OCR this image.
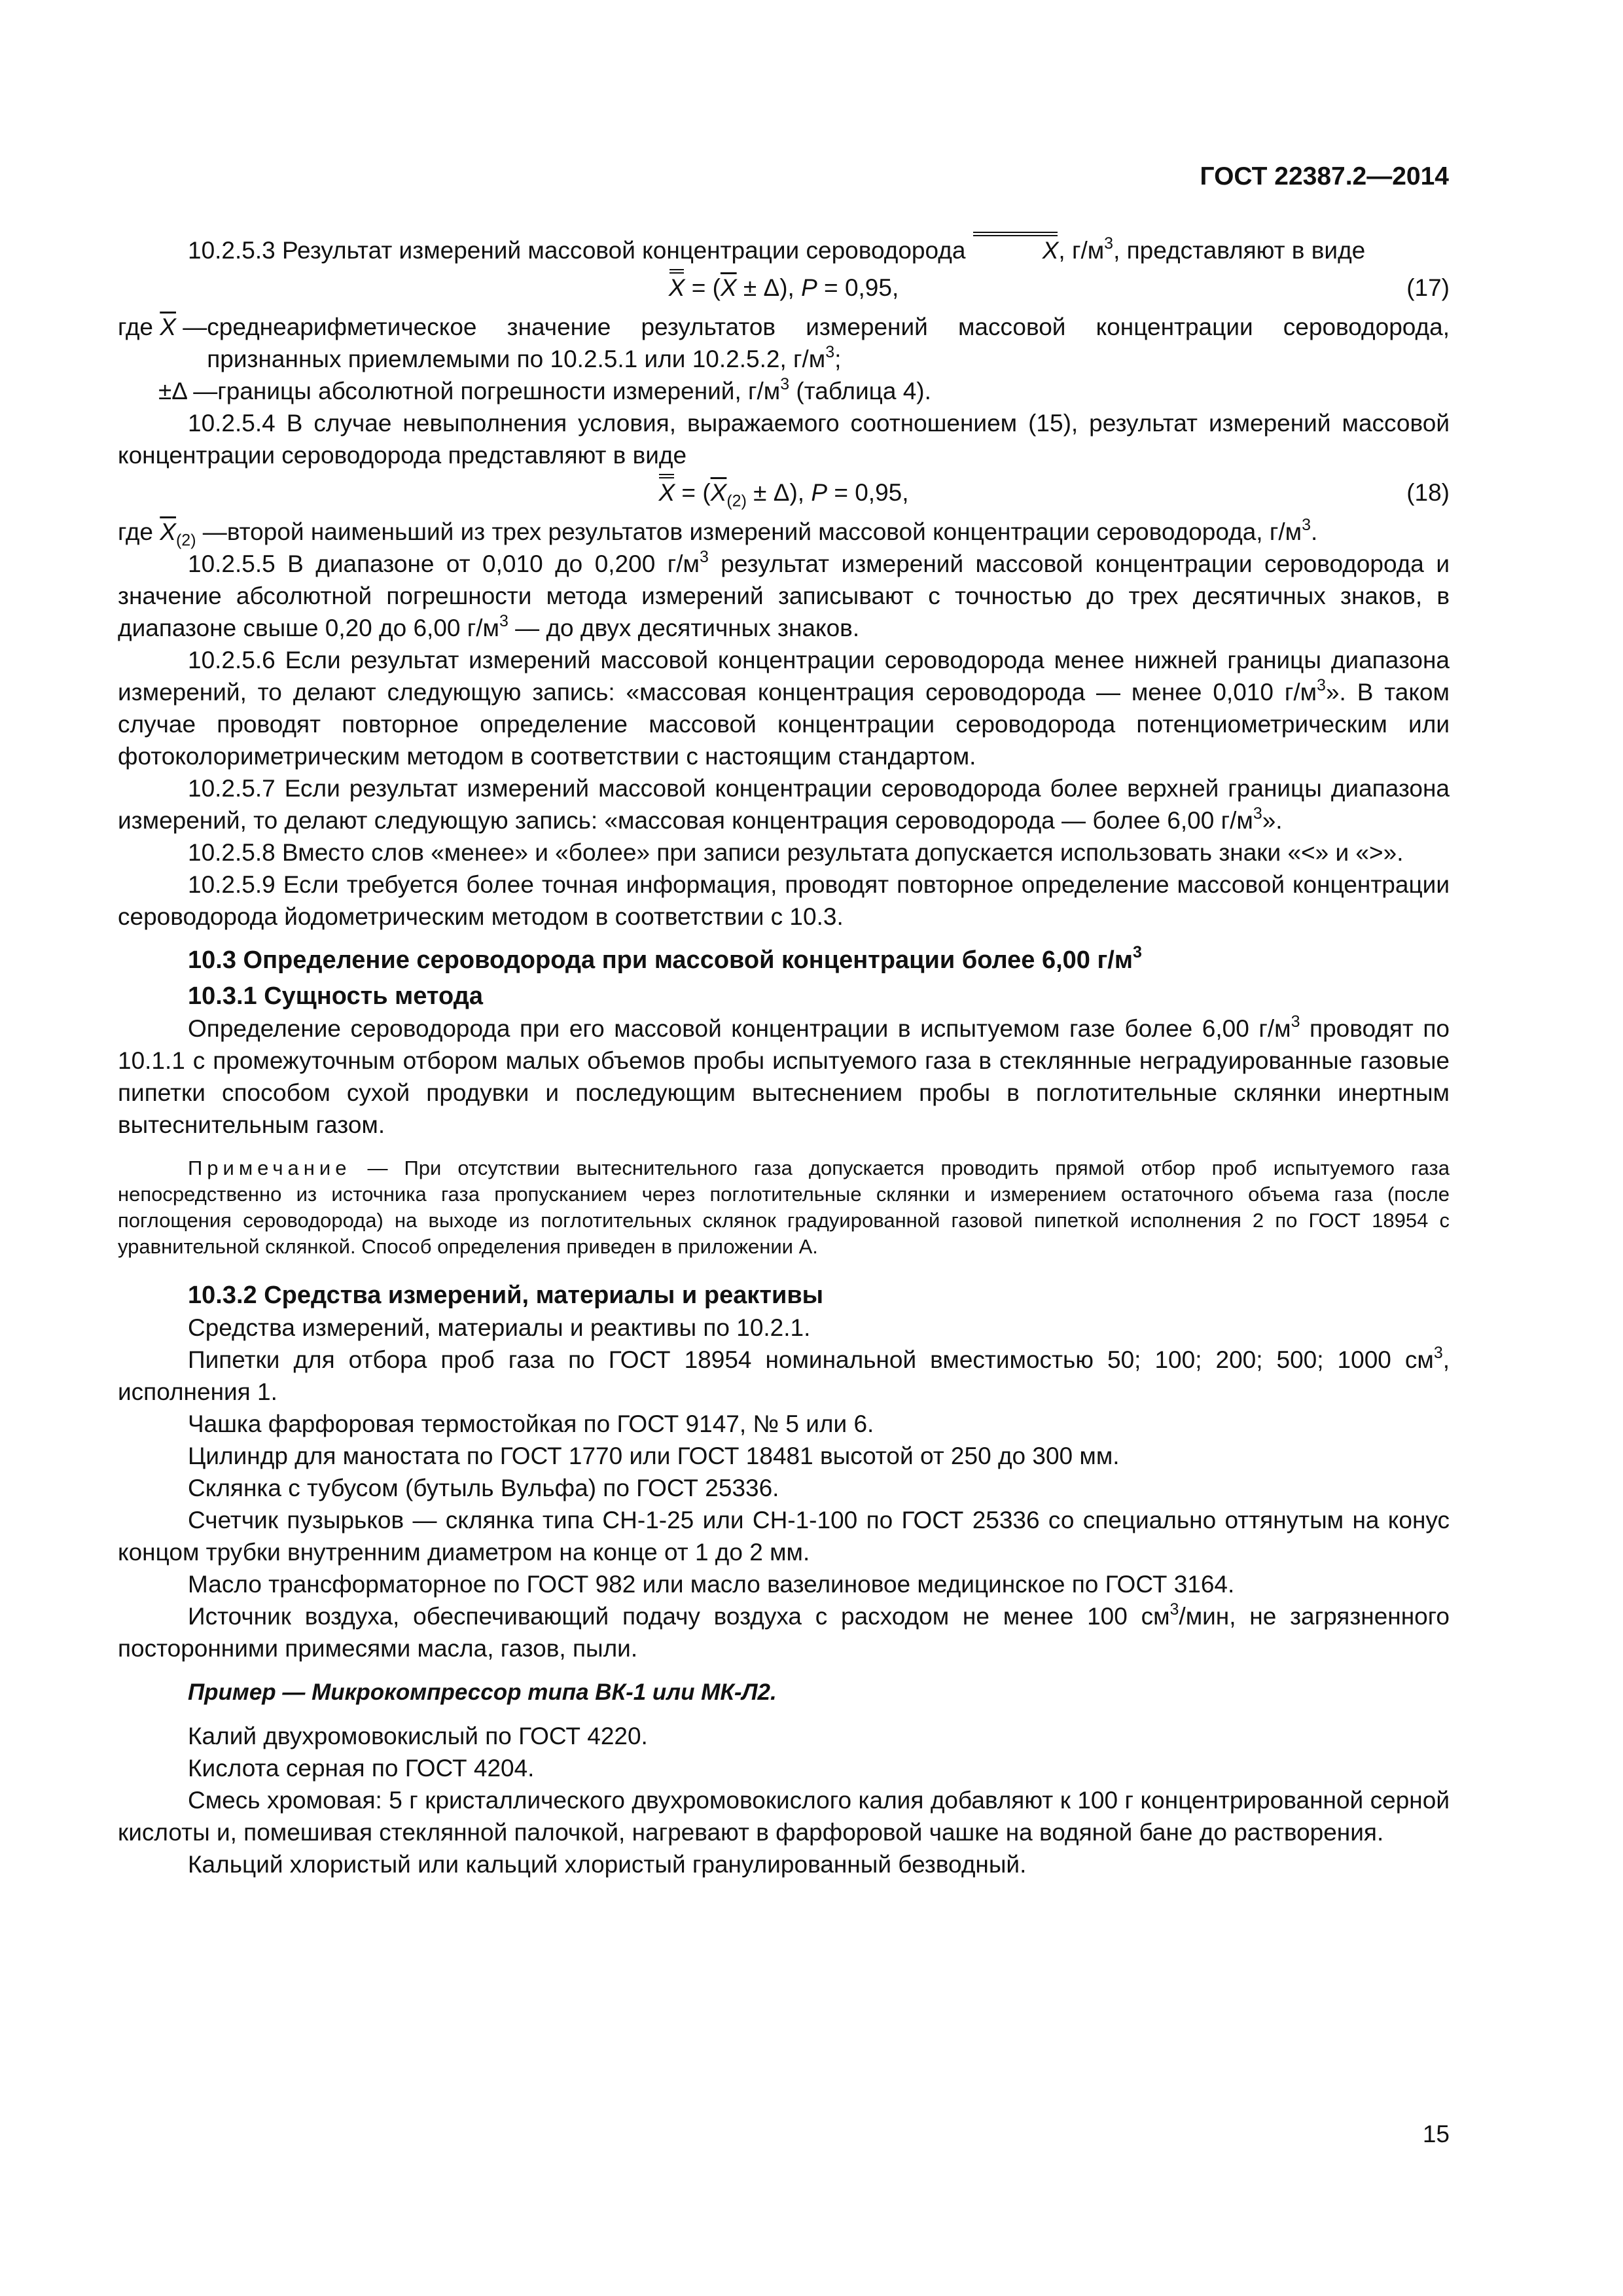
ГОСТ 22387.2—2014

10.2.5.3 Результат измерений массовой концентрации сероводорода	X, $г/м^3$, представляют в виде

$X = (\overline{X} \pm \Delta)$, P = 0,95,	(17)
где $\overline{X}$ — среднеарифметическое значение результатов измерений массовой концентрации сероводорода, признанных приемлемыми по 10.2.5.1 или 10.2.5.2, $г/м^3$;
±Δ — границы абсолютной погрешности измерений, $г/м^3$ (таблица 4).

10.2.5.4 В случае невыполнения условия, выражаемого соотношением (15), результат измерений массовой концентрации сероводорода представляют в виде

$X = (\overline{X}_{(2)} \pm \Delta)$, P = 0,95,	(18)
где $\overline{X}_{(2)}$ — второй наименьший из трех результатов измерений массовой концентрации сероводорода, $г/м^3$.

10.2.5.5 В диапазоне от 0,010 до 0,200 $г/м^3$ результат измерений массовой концентрации сероводорода и значение абсолютной погрешности метода измерений записывают с точностью до трех десятичных знаков, в диапазоне свыше 0,20 до 6,00 $г/м^3$ — до двух десятичных знаков.

10.2.5.6 Если результат измерений массовой концентрации сероводорода менее нижней границы диапазона измерений, то делают следующую запись: «массовая концентрация сероводорода — менее 0,010 $г/м^3$». В таком случае проводят повторное определение массовой концентрации сероводорода потенциометрическим или фотоколориметрическим методом в соответствии с настоящим стандартом.

10.2.5.7 Если результат измерений массовой концентрации сероводорода более верхней границы диапазона измерений, то делают следующую запись: «массовая концентрация сероводорода — более 6,00 $г/м^3$».

10.2.5.8 Вместо слов «менее» и «более» при записи результата допускается использовать знаки «<» и «>».

10.2.5.9 Если требуется более точная информация, проводят повторное определение массовой концентрации сероводорода йодометрическим методом в соответствии с 10.3.

10.3 Определение сероводорода при массовой концентрации более 6,00 $г/м^3$

10.3.1 Сущность метода

Определение сероводорода при его массовой концентрации в испытуемом газе более 6,00 $г/м^3$ проводят по 10.1.1 с промежуточным отбором малых объемов пробы испытуемого газа в стеклянные неградуированные газовые пипетки способом сухой продувки и последующим вытеснением пробы в поглотительные склянки инертным вытеснительным газом.

Примечание — При отсутствии вытеснительного газа допускается проводить прямой отбор проб испытуемого газа непосредственно из источника газа пропусканием через поглотительные склянки и измерением остаточного объема газа (после поглощения сероводорода) на выходе из поглотительных склянок градуированной газовой пипеткой исполнения 2 по ГОСТ 18954 с уравнительной склянкой. Способ определения приведен в приложении А.

10.3.2 Средства измерений, материалы и реактивы

Средства измерений, материалы и реактивы по 10.2.1.

Пипетки для отбора проб газа по ГОСТ 18954 номинальной вместимостью 50; 100; 200; 500; 1000 $см^3$, исполнения 1.

Чашка фарфоровая термостойкая по ГОСТ 9147, № 5 или 6.

Цилиндр для маностата по ГОСТ 1770 или ГОСТ 18481 высотой от 250 до 300 мм.

Склянка с тубусом (бутыль Вульфа) по ГОСТ 25336.

Счетчик пузырьков — склянка типа СН-1-25 или СН-1-100 по ГОСТ 25336 со специально оттянутым на конус концом трубки внутренним диаметром на конце от 1 до 2 мм.

Масло трансформаторное по ГОСТ 982 или масло вазелиновое медицинское по ГОСТ 3164.

Источник воздуха, обеспечивающий подачу воздуха с расходом не менее 100 $см^3$/мин, не загрязненного посторонними примесями масла, газов, пыли.

Пример — Микрокомпрессор типа ВК-1 или МК-Л2.

Калий двухромовокислый по ГОСТ 4220.

Кислота серная по ГОСТ 4204.

Смесь хромовая: 5 г кристаллического двухромовокислого калия добавляют к 100 г концентрированной серной кислоты и, помешивая стеклянной палочкой, нагревают в фарфоровой чашке на водяной бане до растворения.

Кальций хлористый или кальций хлористый гранулированный безводный.

15
